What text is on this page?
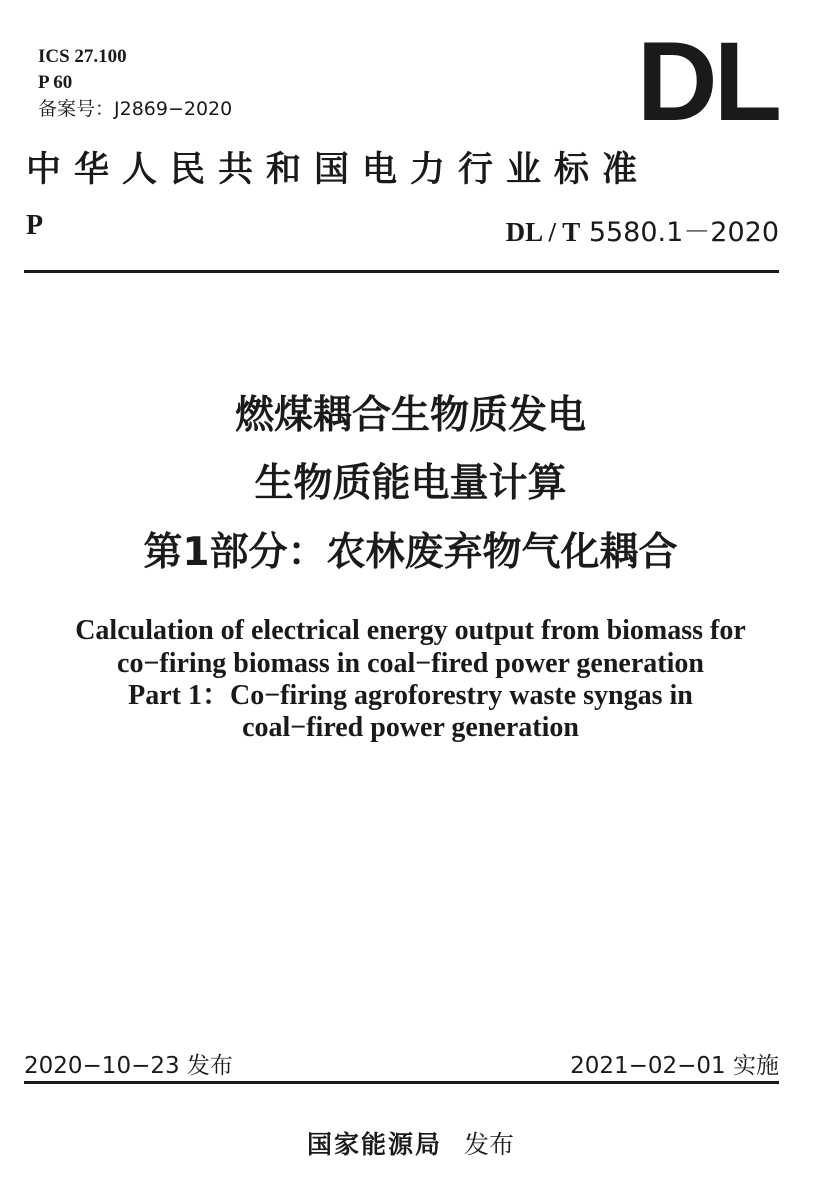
ICS 27.100
P 60
备案号：J2869−2020	DL
中华人民共和国电力行业标准
P	DL / T 5580.1－2020
燃煤耦合生物质发电
生物质能电量计算
第1部分：农林废弃物气化耦合
Calculation of electrical energy output from biomass for
co−firing biomass in coal−fired power generation
Part 1：Co−firing agroforestry waste syngas in
coal−fired power generation
2020−10−23 发布	2021−02−01 实施
国家能源局 发布
